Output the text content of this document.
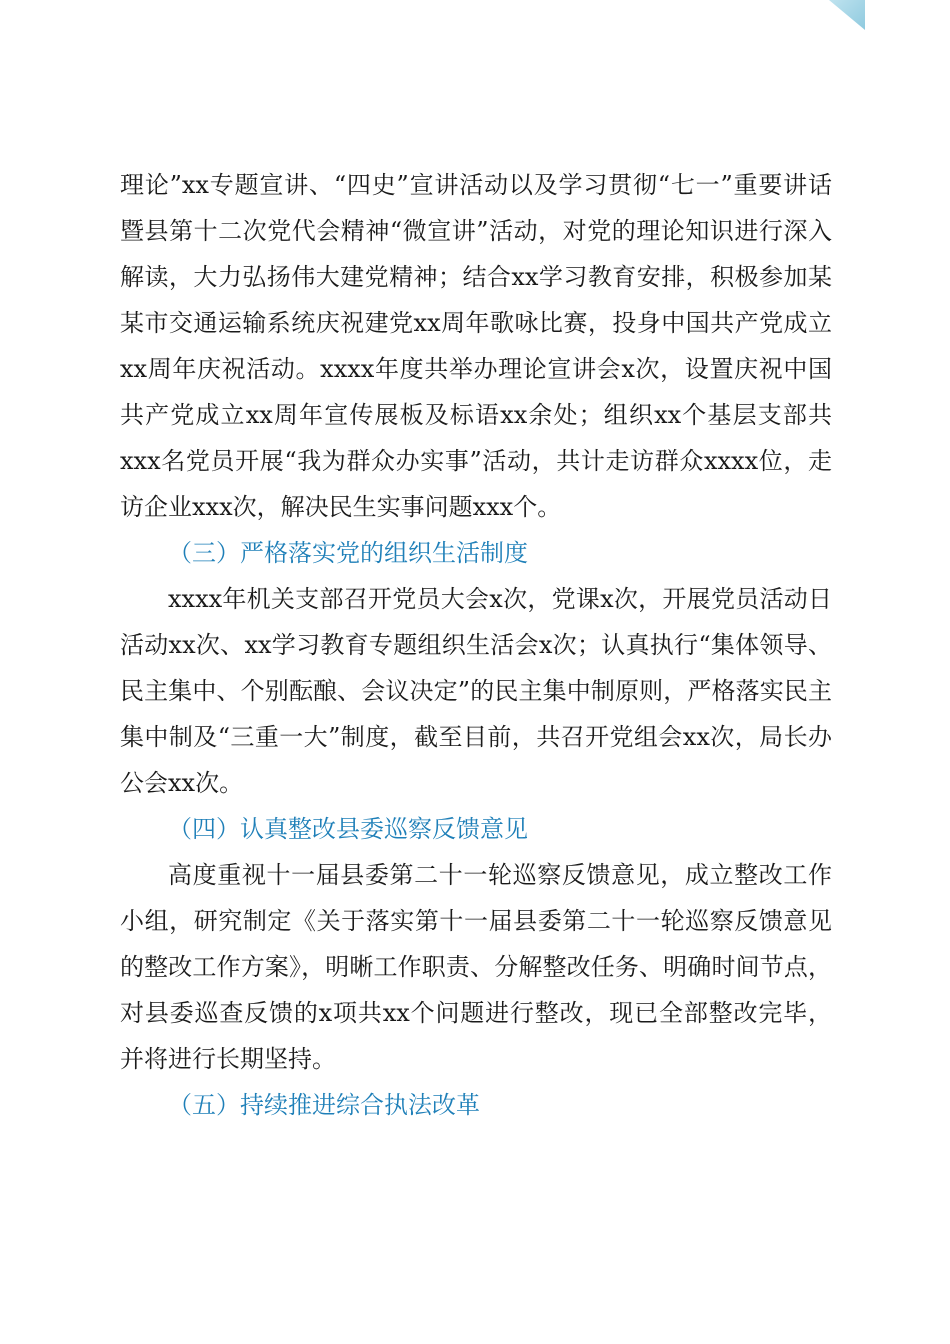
理论”xx专题宣讲、“四史”宣讲活动以及学习贯彻“七一”重要讲话暨县第十二次党代会精神“微宣讲”活动，对党的理论知识进行深入解读，大力弘扬伟大建党精神；结合xx学习教育安排，积极参加某某市交通运输系统庆祝建党xx周年歌咏比赛，投身中国共产党成立xx周年庆祝活动。xxxx年度共举办理论宣讲会x次，设置庆祝中国共产党成立xx周年宣传展板及标语xx余处；组织xx个基层支部共xxx名党员开展“我为群众办实事”活动，共计走访群众xxxx位，走访企业xxx次，解决民生实事问题xxx个。

（三）严格落实党的组织生活制度

xxxx年机关支部召开党员大会x次，党课x次，开展党员活动日活动xx次、xx学习教育专题组织生活会x次；认真执行“集体领导、民主集中、个别酝酿、会议决定”的民主集中制原则，严格落实民主集中制及“三重一大”制度，截至目前，共召开党组会xx次，局长办公会xx次。

（四）认真整改县委巡察反馈意见

高度重视十一届县委第二十一轮巡察反馈意见，成立整改工作小组，研究制定《关于落实第十一届县委第二十一轮巡察反馈意见的整改工作方案》，明晰工作职责、分解整改任务、明确时间节点，对县委巡查反馈的x项共xx个问题进行整改，现已全部整改完毕，并将进行长期坚持。

（五）持续推进综合执法改革
